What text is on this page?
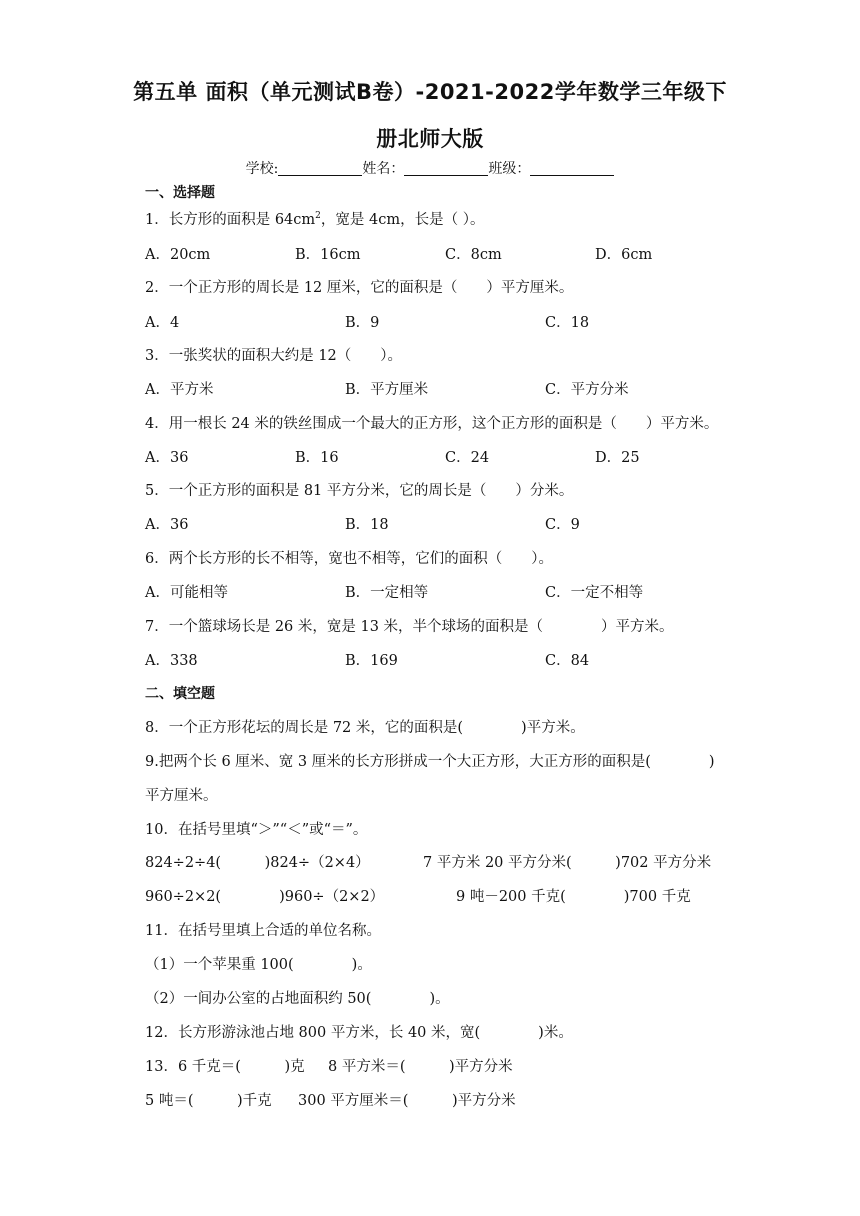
第五单 面积（单元测试B卷）-2021-2022学年数学三年级下
册北师大版
学校:	姓名：	班级：
一、选择题
1．长方形的面积是 $64cm^2$，宽是 4cm，长是（ ）。
A．20cm	B．16cm	C．8cm	D．6cm
2．一个正方形的周长是 12 厘米，它的面积是（　　）平方厘米。
A．4	B．9	C．18
3．一张奖状的面积大约是 12（　　）。
A．平方米	B．平方厘米	C．平方分米
4．用一根长 24 米的铁丝围成一个最大的正方形，这个正方形的面积是（　　）平方米。
A．36	B．16	C．24	D．25
5．一个正方形的面积是 81 平方分米，它的周长是（　　）分米。
A．36	B．18	C．9
6．两个长方形的长不相等，宽也不相等，它们的面积（　　）。
A．可能相等	B．一定相等	C．一定不相等
7．一个篮球场长是 26 米，宽是 13 米，半个球场的面积是（　　　　）平方米。
A．338	B．169	C．84
二、填空题
8．一个正方形花坛的周长是 72 米，它的面积是(　　　　)平方米。
9.把两个长 6 厘米、宽 3 厘米的长方形拼成一个大正方形，大正方形的面积是(　　　　)
平方厘米。
10．在括号里填“＞”“＜”或“＝”。
824÷2÷4(　　　)824÷（2×4）	7 平方米 20 平方分米(　　　)702 平方分米
960÷2×2(　　　　)960÷（2×2）	9 吨－200 千克(　　　　)700 千克
11．在括号里填上合适的单位名称。
（1）一个苹果重 100(　　　　)。
（2）一间办公室的占地面积约 50(　　　　)。
12．长方形游泳池占地 800 平方米，长 40 米，宽(　　　　)米。
13．6 千克＝(　　　)克 8 平方米＝(　　　)平方分米
5 吨＝(　　　)千克 300 平方厘米＝(　　　)平方分米
